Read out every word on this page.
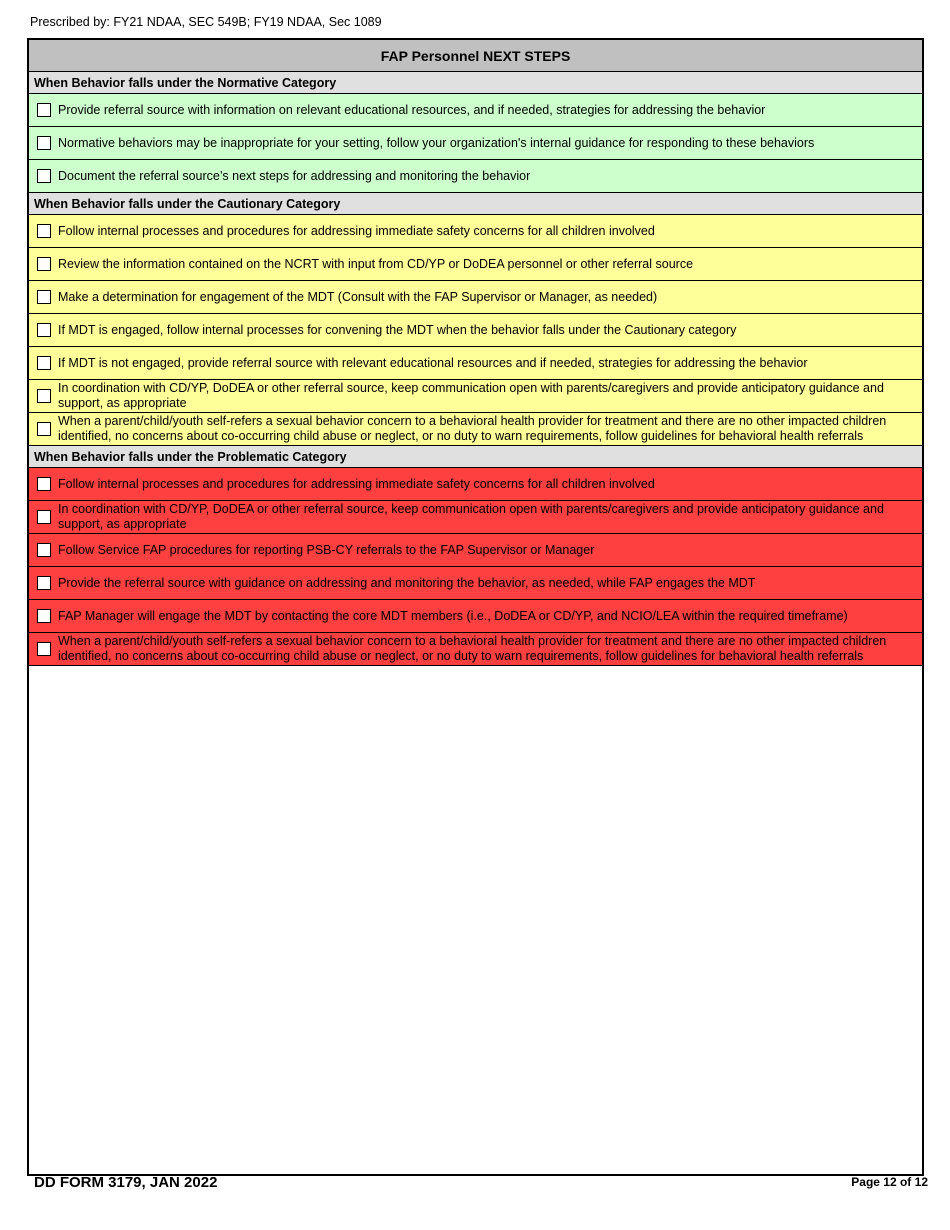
Prescribed by: FY21 NDAA, SEC 549B; FY19 NDAA, Sec 1089
FAP Personnel NEXT STEPS
When Behavior falls under the Normative Category
Provide referral source with information on relevant educational resources, and if needed, strategies for addressing the behavior
Normative behaviors may be inappropriate for your setting, follow your organization's internal guidance for responding to these behaviors
Document the referral source’s next steps for addressing and monitoring the behavior
When Behavior falls under the Cautionary Category
Follow internal processes and procedures for addressing immediate safety concerns for all children involved
Review the information contained on the NCRT with input from CD/YP or DoDEA personnel or other referral source
Make a determination for engagement of the MDT (Consult with the FAP Supervisor or Manager, as needed)
If MDT is engaged, follow internal processes for convening the MDT when the behavior falls under the Cautionary category
If MDT is not engaged, provide referral source with relevant educational resources and if needed, strategies for addressing the behavior
In coordination with CD/YP, DoDEA or other referral source, keep communication open with parents/caregivers and provide anticipatory guidance and support, as appropriate
When a parent/child/youth self-refers a sexual behavior concern to a behavioral health provider for treatment and there are no other impacted children identified, no concerns about co-occurring child abuse or neglect, or no duty to warn requirements, follow guidelines for behavioral health referrals
When Behavior falls under the Problematic Category
Follow internal processes and procedures for addressing immediate safety concerns for all children involved
In coordination with CD/YP, DoDEA or other referral source, keep communication open with parents/caregivers and provide anticipatory guidance and support, as appropriate
Follow Service FAP procedures for reporting PSB-CY referrals to the FAP Supervisor or Manager
Provide the referral source with guidance on addressing and monitoring the behavior, as needed, while FAP engages the MDT
FAP Manager will engage the MDT by contacting the core MDT members (i.e., DoDEA or CD/YP, and NCIO/LEA within the required timeframe)
When a parent/child/youth self-refers a sexual behavior concern to a behavioral health provider for treatment and there are no other impacted children identified, no concerns about co-occurring child abuse or neglect, or no duty to warn requirements, follow guidelines for behavioral health referrals
DD FORM 3179, JAN 2022	Page 12 of 12
